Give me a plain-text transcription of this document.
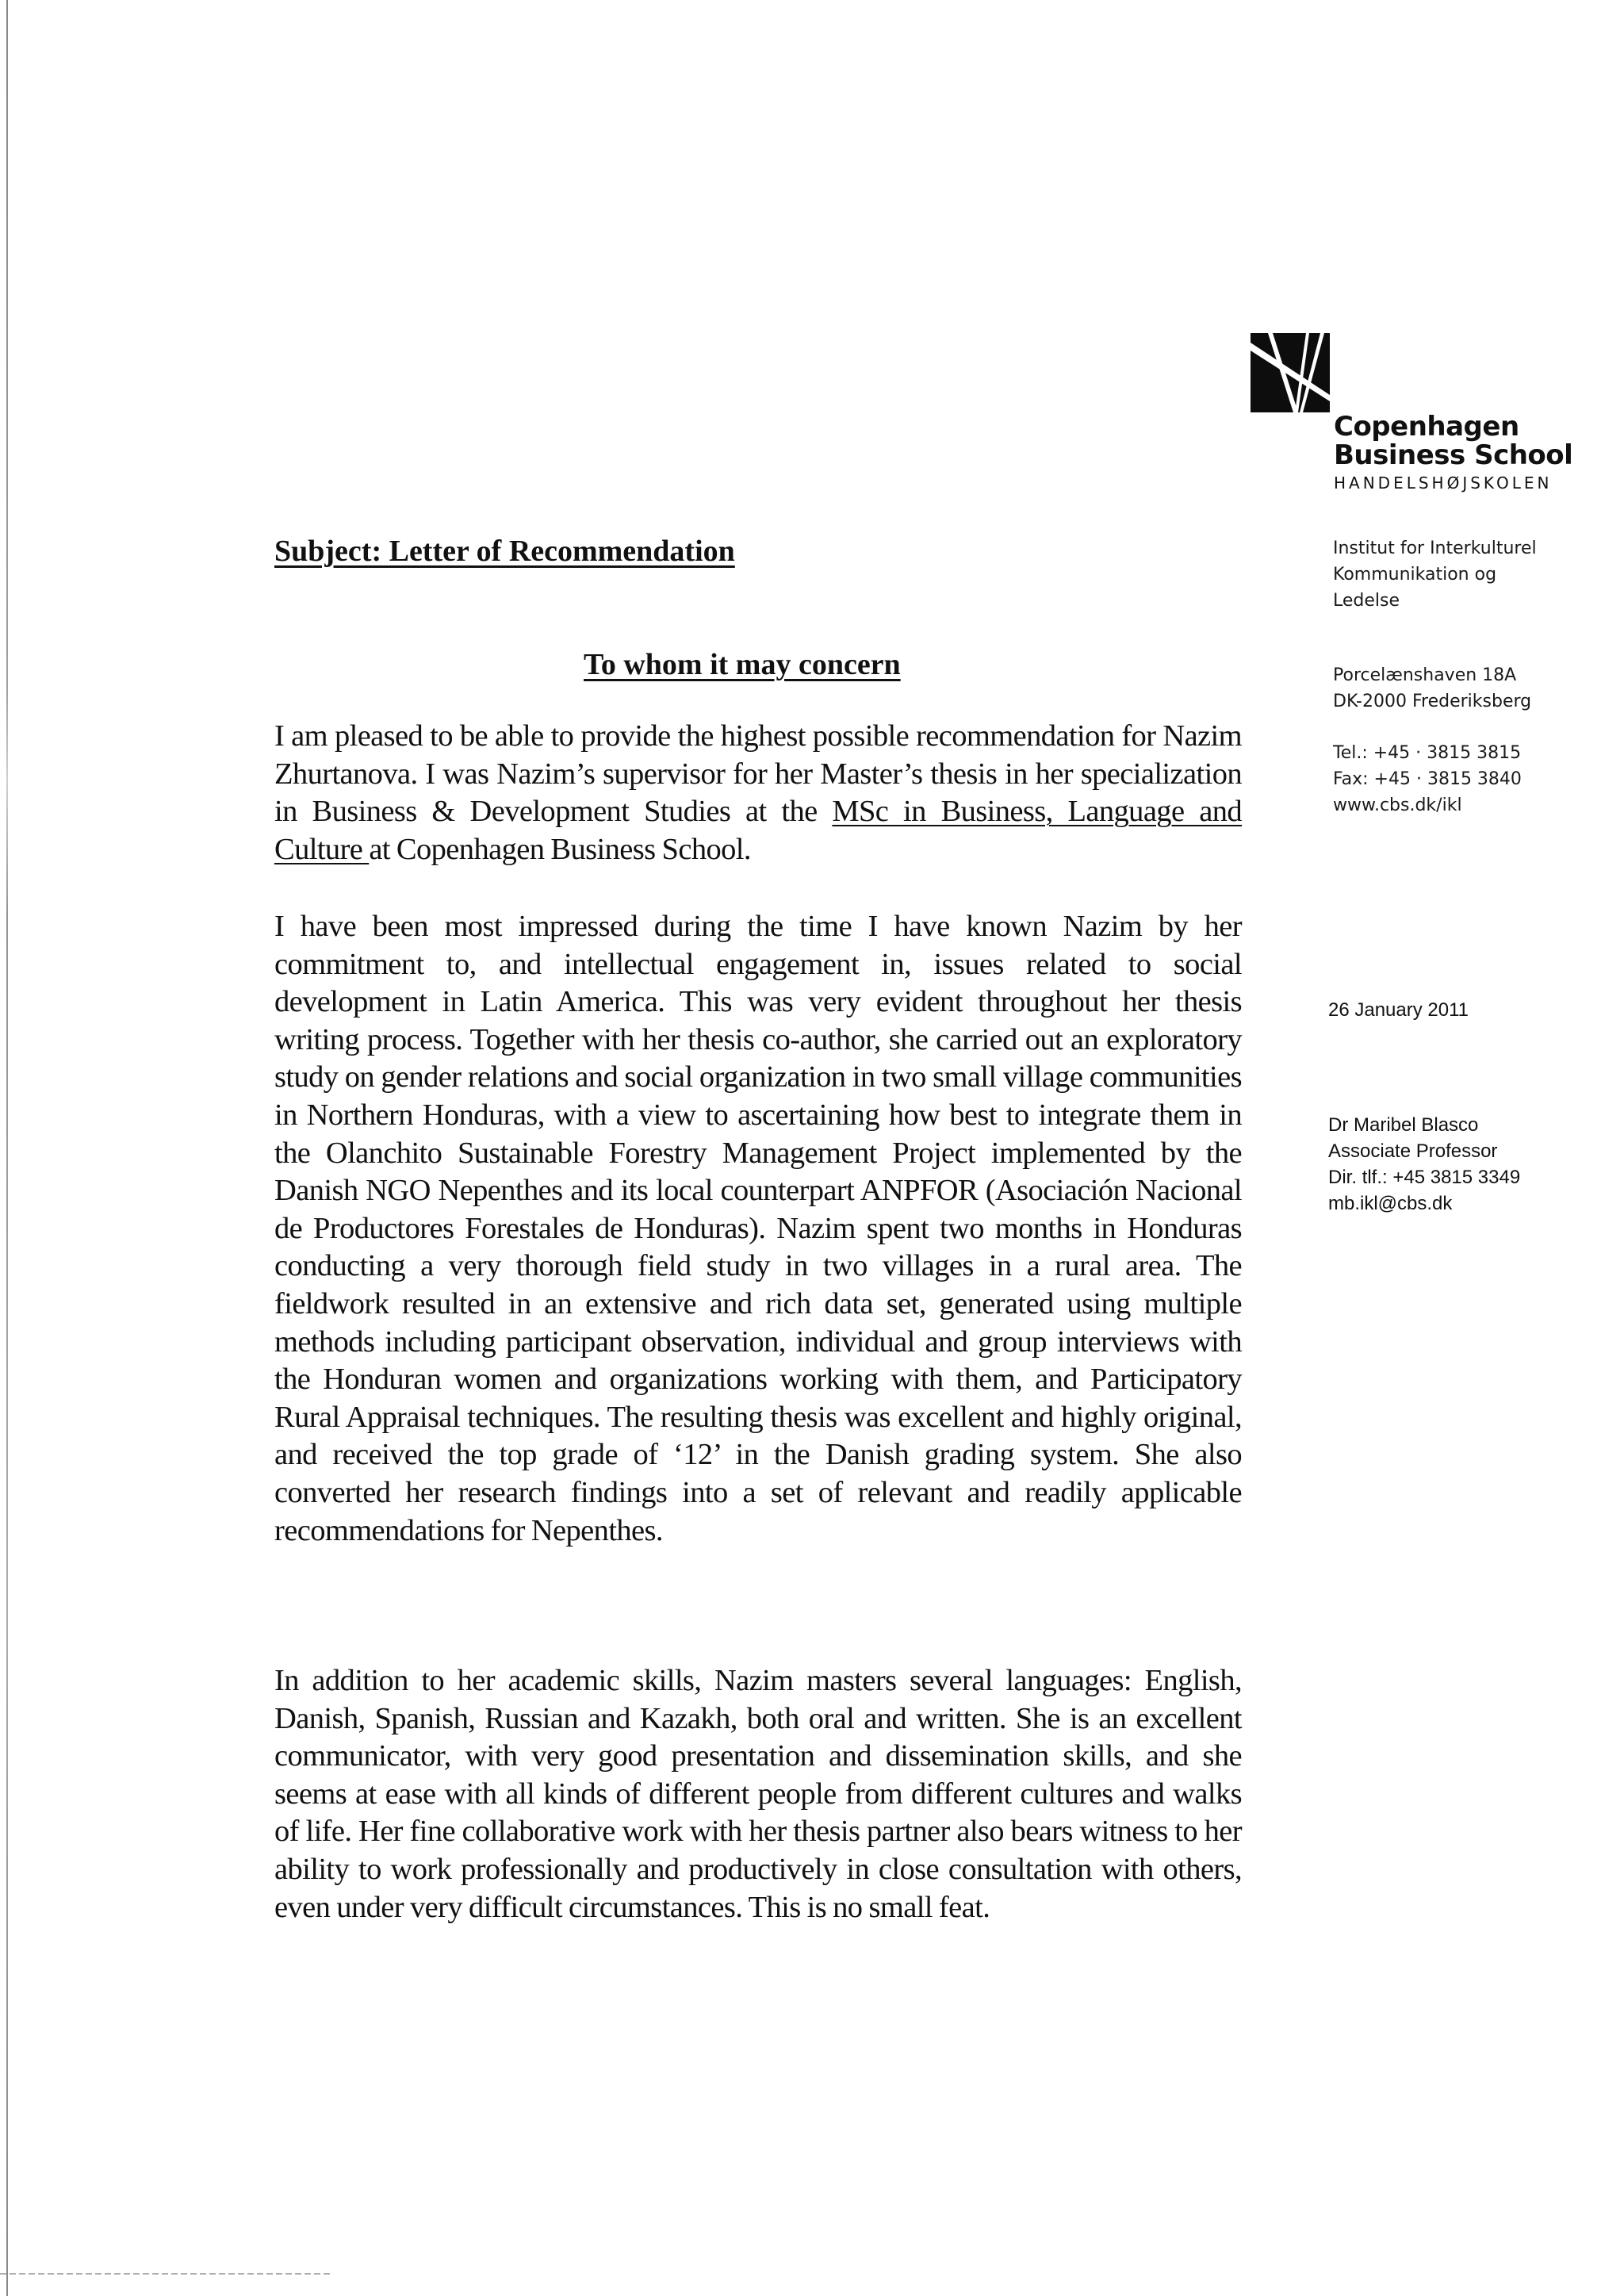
Copenhagen
Business School
HANDELSHØJSKOLEN
Institut for Interkulturel
Kommunikation og
Ledelse
Porcelænshaven 18A
DK-2000 Frederiksberg
Tel.: +45 · 3815 3815
Fax: +45 · 3815 3840
www.cbs.dk/ikl
26 January 2011
Dr Maribel Blasco
Associate Professor
Dir. tlf.: +45 3815 3349
mb.ikl@cbs.dk
Subject: Letter of Recommendation
To whom it may concern

I am pleased to be able to provide the highest possible recommendation for Nazim Zhurtanova. I was Nazim’s supervisor for her Master’s thesis in her specialization in Business & Development Studies at the MSc in Business, Language and Culture at Copenhagen Business School.

I have been most impressed during the time I have known Nazim by her commitment to, and intellectual engagement in, issues related to social development in Latin America. This was very evident throughout her thesis writing process. Together with her thesis co-author, she carried out an exploratory study on gender relations and social organization in two small village communities in Northern Honduras, with a view to ascertaining how best to integrate them in the Olanchito Sustainable Forestry Management Project implemented by the Danish NGO Nepenthes and its local counterpart ANPFOR (Asociación Nacional de Productores Forestales de Honduras). Nazim spent two months in Honduras conducting a very thorough field study in two villages in a rural area. The fieldwork resulted in an extensive and rich data set, generated using multiple methods including participant observation, individual and group interviews with the Honduran women and organizations working with them, and Participatory Rural Appraisal techniques. The resulting thesis was excellent and highly original, and received the top grade of ‘12’ in the Danish grading system. She also converted her research findings into a set of relevant and readily applicable recommendations for Nepenthes.

In addition to her academic skills, Nazim masters several languages: English, Danish, Spanish, Russian and Kazakh, both oral and written. She is an excellent communicator, with very good presentation and dissemination skills, and she seems at ease with all kinds of different people from different cultures and walks of life. Her fine collaborative work with her thesis partner also bears witness to her ability to work professionally and productively in close consultation with others, even under very difficult circumstances. This is no small feat.
